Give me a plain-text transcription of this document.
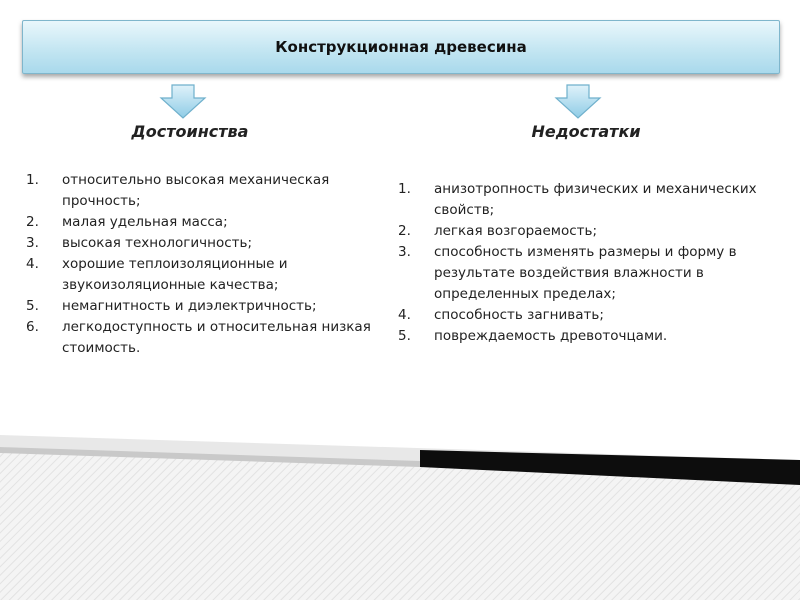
Конструкционная древесина
Достоинства	Недостатки
1. относительно высокая механическая прочность;
2. малая удельная масса;
3. высокая технологичность;
4. хорошие теплоизоляционные и звукоизоляционные качества;
5. немагнитность и диэлектричность;
6. легкодоступность и относительная низкая стоимость.
1. анизотропность физических и механических свойств;
2. легкая возгораемость;
3. способность изменять размеры и форму в результате воздействия влажности в определенных пределах;
4. способность загнивать;
5. повреждаемость древоточцами.
